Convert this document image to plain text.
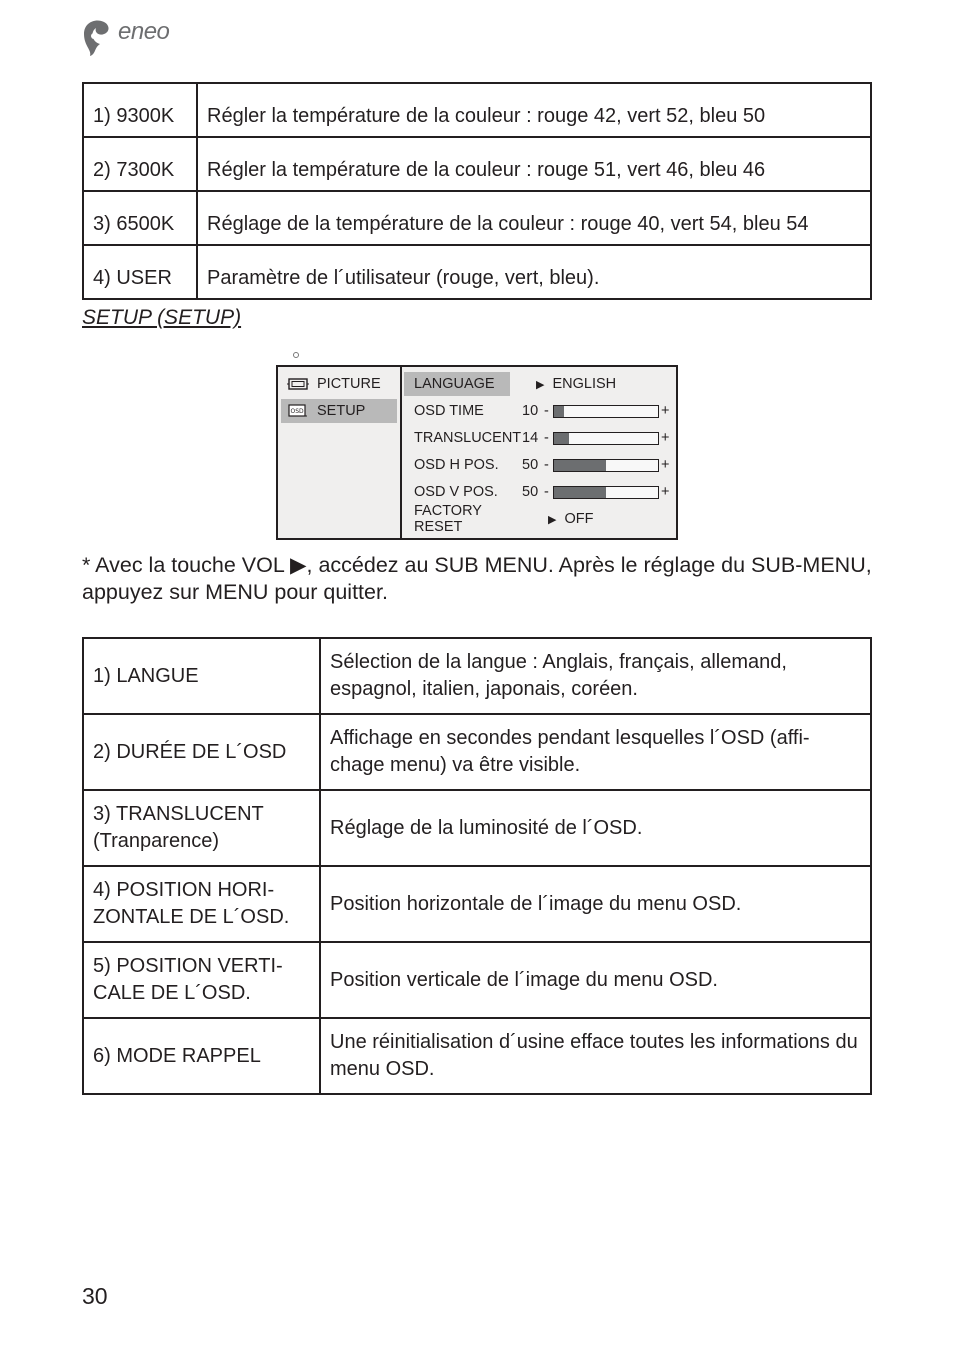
eneo
1) 9300K	Régler la température de la couleur : rouge 42, vert 52, bleu 50
2) 7300K	Régler la température de la couleur : rouge 51, vert 46, bleu 46
3) 6500K	Réglage de la température de la couleur : rouge 40, vert 54, bleu 54
4) USER	Paramètre de l´utilisateur (rouge, vert, bleu).
SETUP (SETUP)
PICTURE
OSD SETUP
LANGUAGE	▶ ENGLISH
OSD TIME	10 -	+
TRANSLUCENT 14 -	+
OSD H POS.	50 -	+
OSD V POS.	50 -	+
FACTORY RESET	▶ OFF
* Avec la touche VOL ▶, accédez au SUB MENU. Après le réglage du SUB-MENU, appuyez sur MENU pour quitter.
1) LANGUE	Sélection de la langue : Anglais, français, allemand, espagnol, italien, japonais, coréen.
2) DURÉE DE L´OSD	Affichage en secondes pendant lesquelles l´OSD (affi-chage menu) va être visible.
3) TRANSLUCENT (Tranparence)	Réglage de la luminosité de l´OSD.
4) POSITION HORI-ZONTALE DE L´OSD.	Position horizontale de l´image du menu OSD.
5) POSITION VERTI-CALE DE L´OSD.	Position verticale de l´image du menu OSD.
6) MODE RAPPEL	Une réinitialisation d´usine efface toutes les informations du menu OSD.
30
